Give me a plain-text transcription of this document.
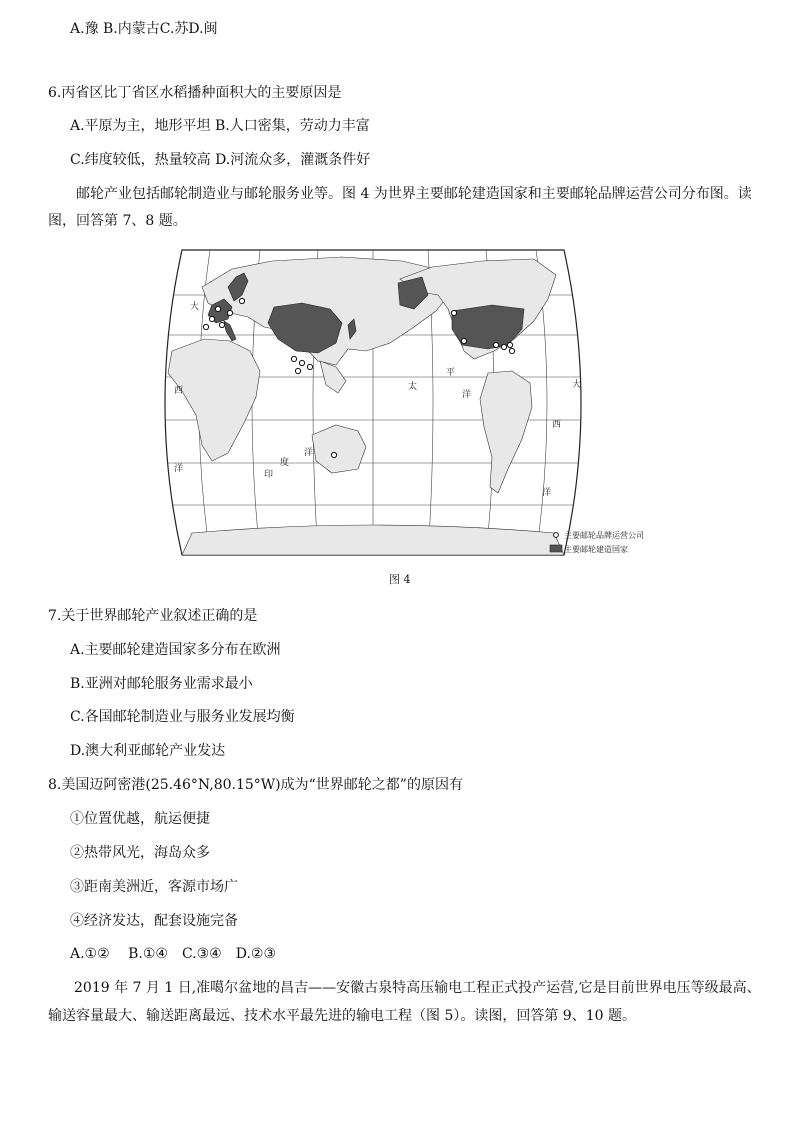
A.豫 B.内蒙古C.苏D.闽
6.丙省区比丁省区水稻播种面积大的主要原因是
A.平原为主，地形平坦 B.人口密集，劳动力丰富
C.纬度较低，热量较高 D.河流众多，灌溉条件好
邮轮产业包括邮轮制造业与邮轮服务业等。图 4 为世界主要邮轮建造国家和主要邮轮品牌运营公司分布图。读
图，回答第 7、8 题。
大
西
洋
印
度
洋
太
平
洋
大
西
洋
主要邮轮品牌运营公司
主要邮轮建造国家
图 4
7.关于世界邮轮产业叙述正确的是
A.主要邮轮建造国家多分布在欧洲
B.亚洲对邮轮服务业需求最小
C.各国邮轮制造业与服务业发展均衡
D.澳大利亚邮轮产业发达
8.美国迈阿密港(25.46°N,80.15°W)成为“世界邮轮之都”的原因有
①位置优越，航运便捷
②热带风光，海岛众多
③距南美洲近，客源市场广
④经济发达，配套设施完备
A.①②　 B.①④　C.③④　D.②③
2019 年 7 月 1 日,准噶尔盆地的昌吉——安徽古泉特高压输电工程正式投产运营,它是目前世界电压等级最高、
输送容量最大、输送距离最远、技术水平最先进的输电工程（图 5）。读图，回答第 9、10 题。
